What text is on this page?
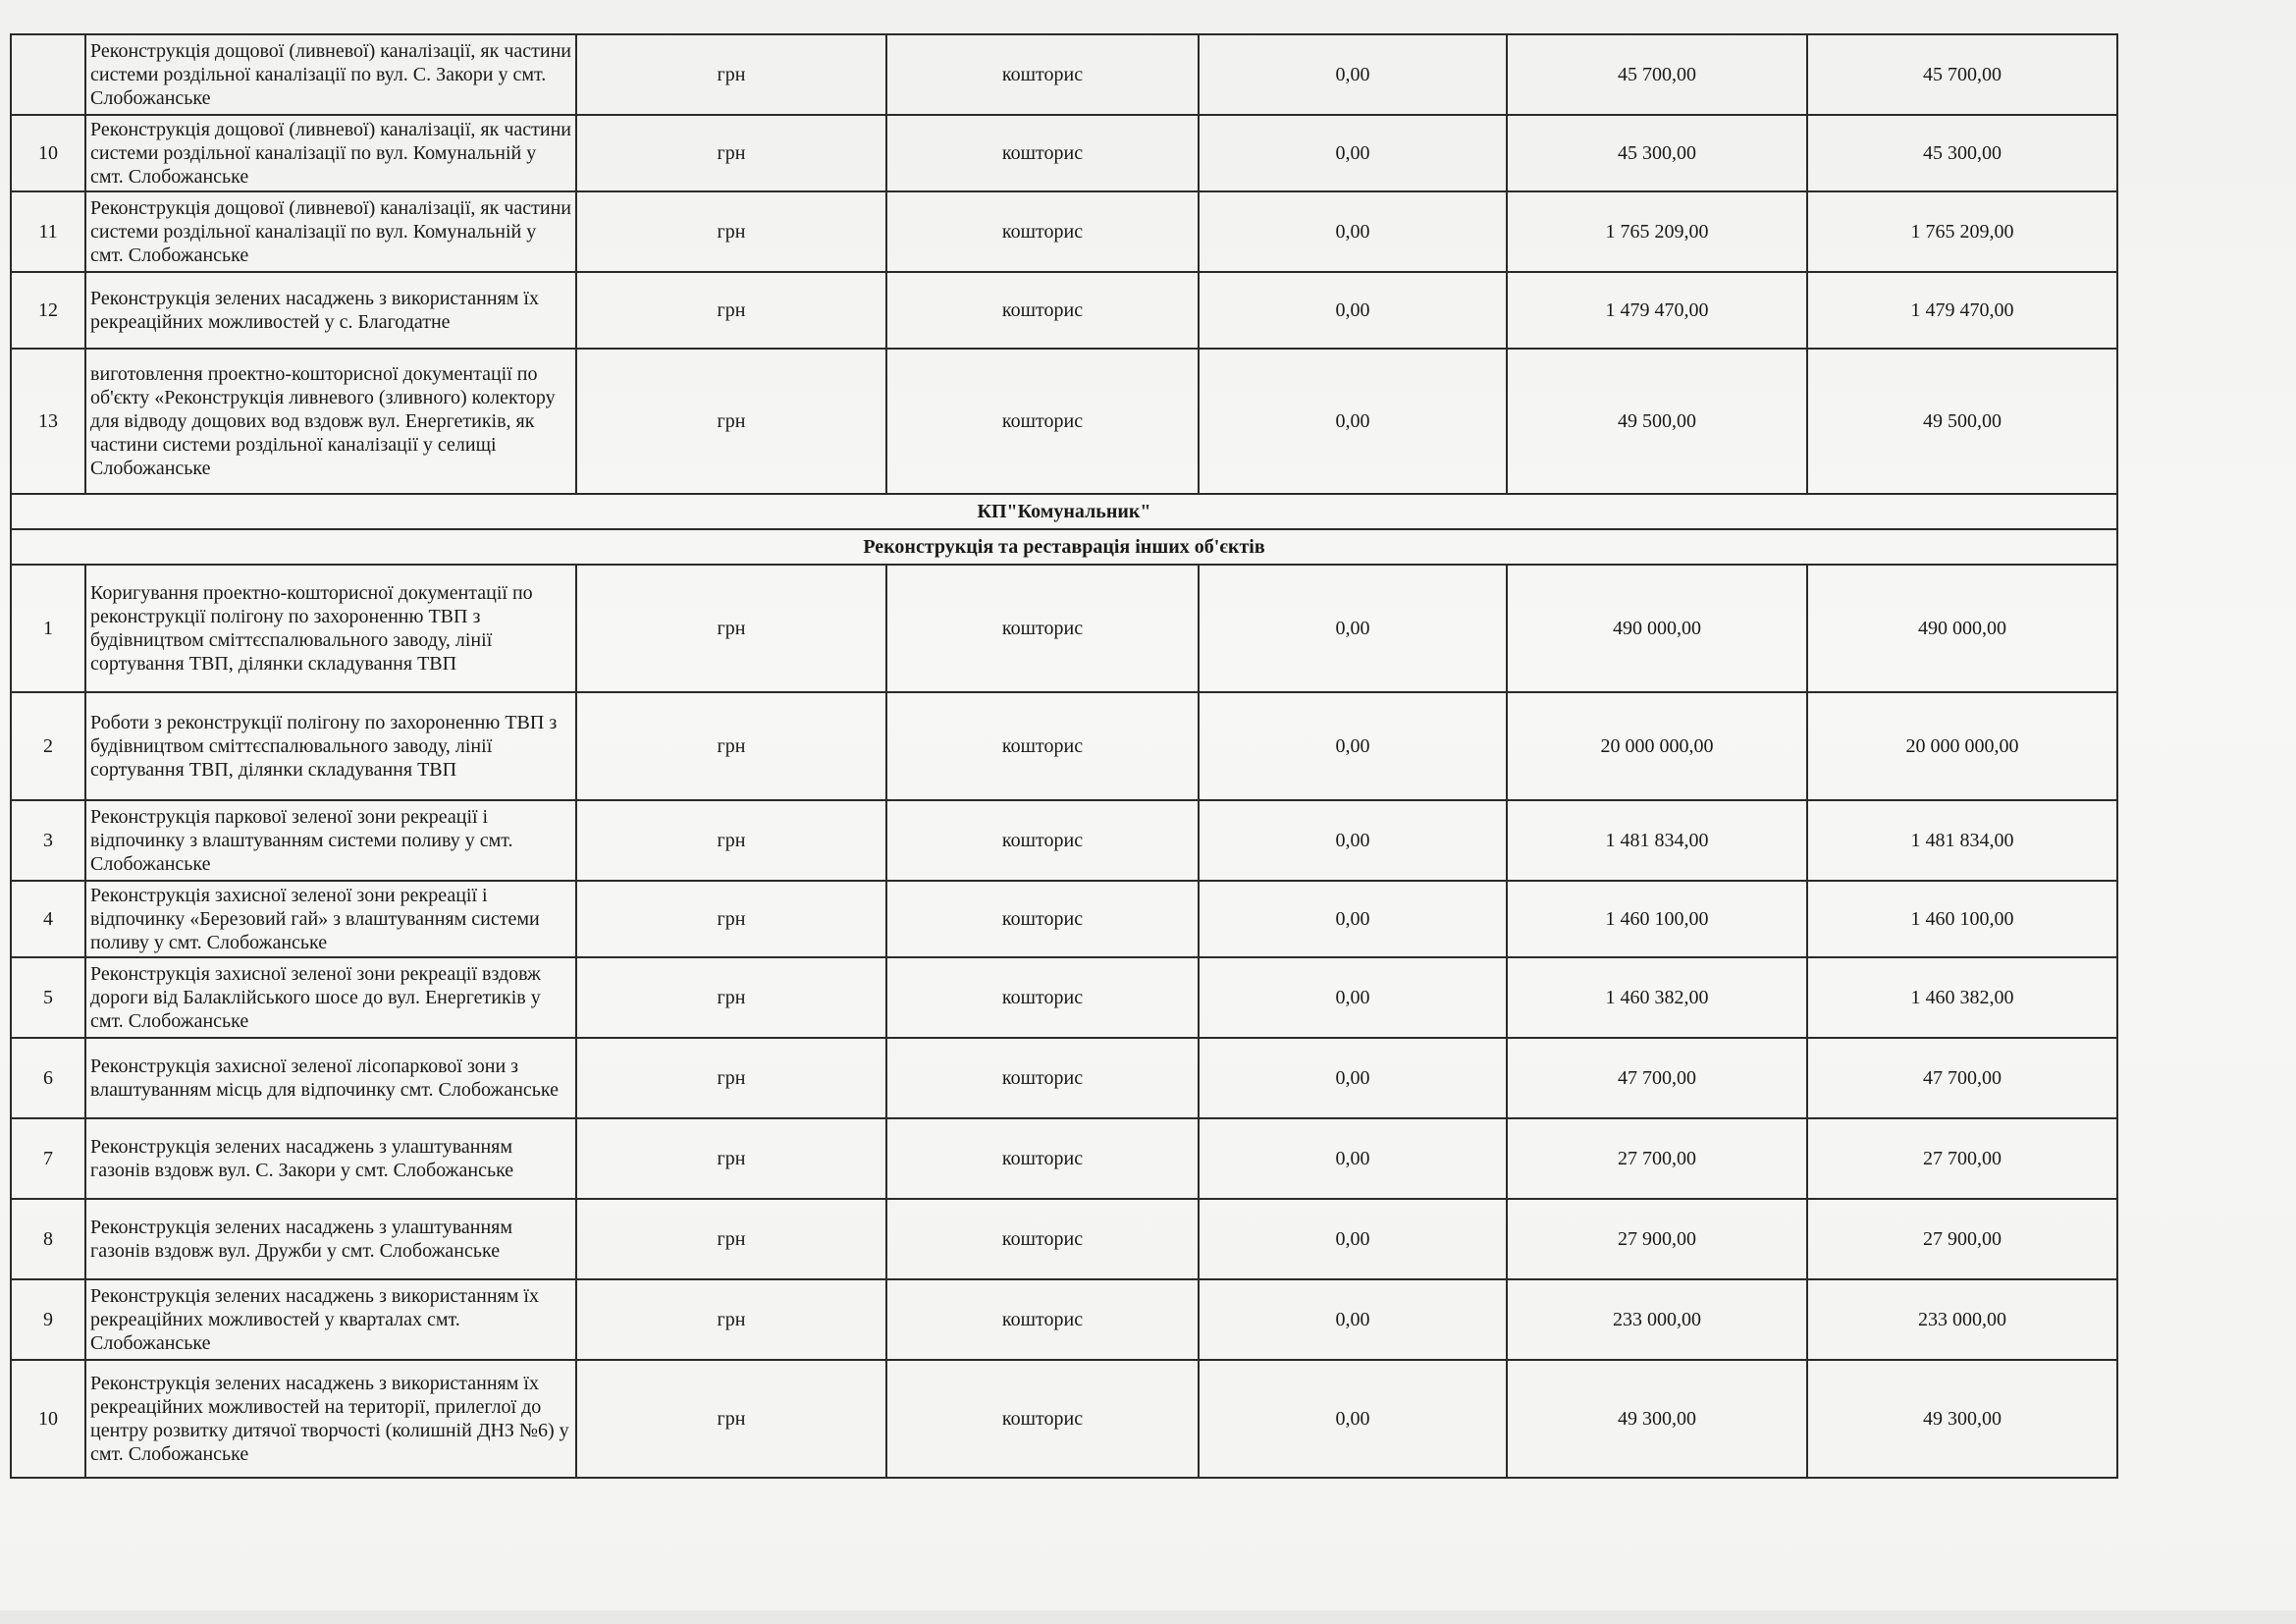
	Реконструкція дощової (ливневої) каналізації, як частини системи роздільної каналізації по вул. С. Закори у смт. Слобожанське	грн	кошторис	0,00	45 700,00	45 700,00
10	Реконструкція дощової (ливневої) каналізації, як частини системи роздільної каналізації по вул. Комунальній у смт. Слобожанське	грн	кошторис	0,00	45 300,00	45 300,00
11	Реконструкція дощової (ливневої) каналізації, як частини системи роздільної каналізації по вул. Комунальній у смт. Слобожанське	грн	кошторис	0,00	1 765 209,00	1 765 209,00
12	Реконструкція зелених насаджень з використанням їх рекреаційних можливостей у с. Благодатне	грн	кошторис	0,00	1 479 470,00	1 479 470,00
13	виготовлення проектно-кошторисної документації по об'єкту «Реконструкція ливневого (зливного) колектору для відводу дощових вод вздовж вул. Енергетиків, як частини системи роздільної каналізації у селищі Слобожанське	грн	кошторис	0,00	49 500,00	49 500,00
КП"Комунальник"						
Реконструкція та реставрація інших об'єктів						
1	Коригування проектно-кошторисної документації по реконструкції полігону по захороненню ТВП з будівництвом сміттєспалювального заводу, лінії сортування ТВП, ділянки складування ТВП	грн	кошторис	0,00	490 000,00	490 000,00
2	Роботи з реконструкції полігону по захороненню ТВП з будівництвом сміттєспалювального заводу, лінії сортування ТВП, ділянки складування ТВП	грн	кошторис	0,00	20 000 000,00	20 000 000,00
3	Реконструкція паркової зеленої зони рекреації і відпочинку з влаштуванням системи поливу у смт. Слобожанське	грн	кошторис	0,00	1 481 834,00	1 481 834,00
4	Реконструкція захисної зеленої зони рекреації і відпочинку «Березовий гай» з влаштуванням системи поливу у смт. Слобожанське	грн	кошторис	0,00	1 460 100,00	1 460 100,00
5	Реконструкція захисної зеленої зони рекреації вздовж дороги від Балаклійського шосе до вул. Енергетиків у смт. Слобожанське	грн	кошторис	0,00	1 460 382,00	1 460 382,00
6	Реконструкція захисної зеленої лісопаркової зони з влаштуванням місць для відпочинку смт. Слобожанське	грн	кошторис	0,00	47 700,00	47 700,00
7	Реконструкція зелених насаджень з улаштуванням газонів вздовж вул. С. Закори у смт. Слобожанське	грн	кошторис	0,00	27 700,00	27 700,00
8	Реконструкція зелених насаджень з улаштуванням газонів вздовж вул. Дружби у смт. Слобожанське	грн	кошторис	0,00	27 900,00	27 900,00
9	Реконструкція зелених насаджень з використанням їх рекреаційних можливостей у кварталах смт. Слобожанське	грн	кошторис	0,00	233 000,00	233 000,00
10	Реконструкція зелених насаджень з використанням їх рекреаційних можливостей на території, прилеглої до центру розвитку дитячої творчості (колишній ДНЗ №6) у смт. Слобожанське	грн	кошторис	0,00	49 300,00	49 300,00
